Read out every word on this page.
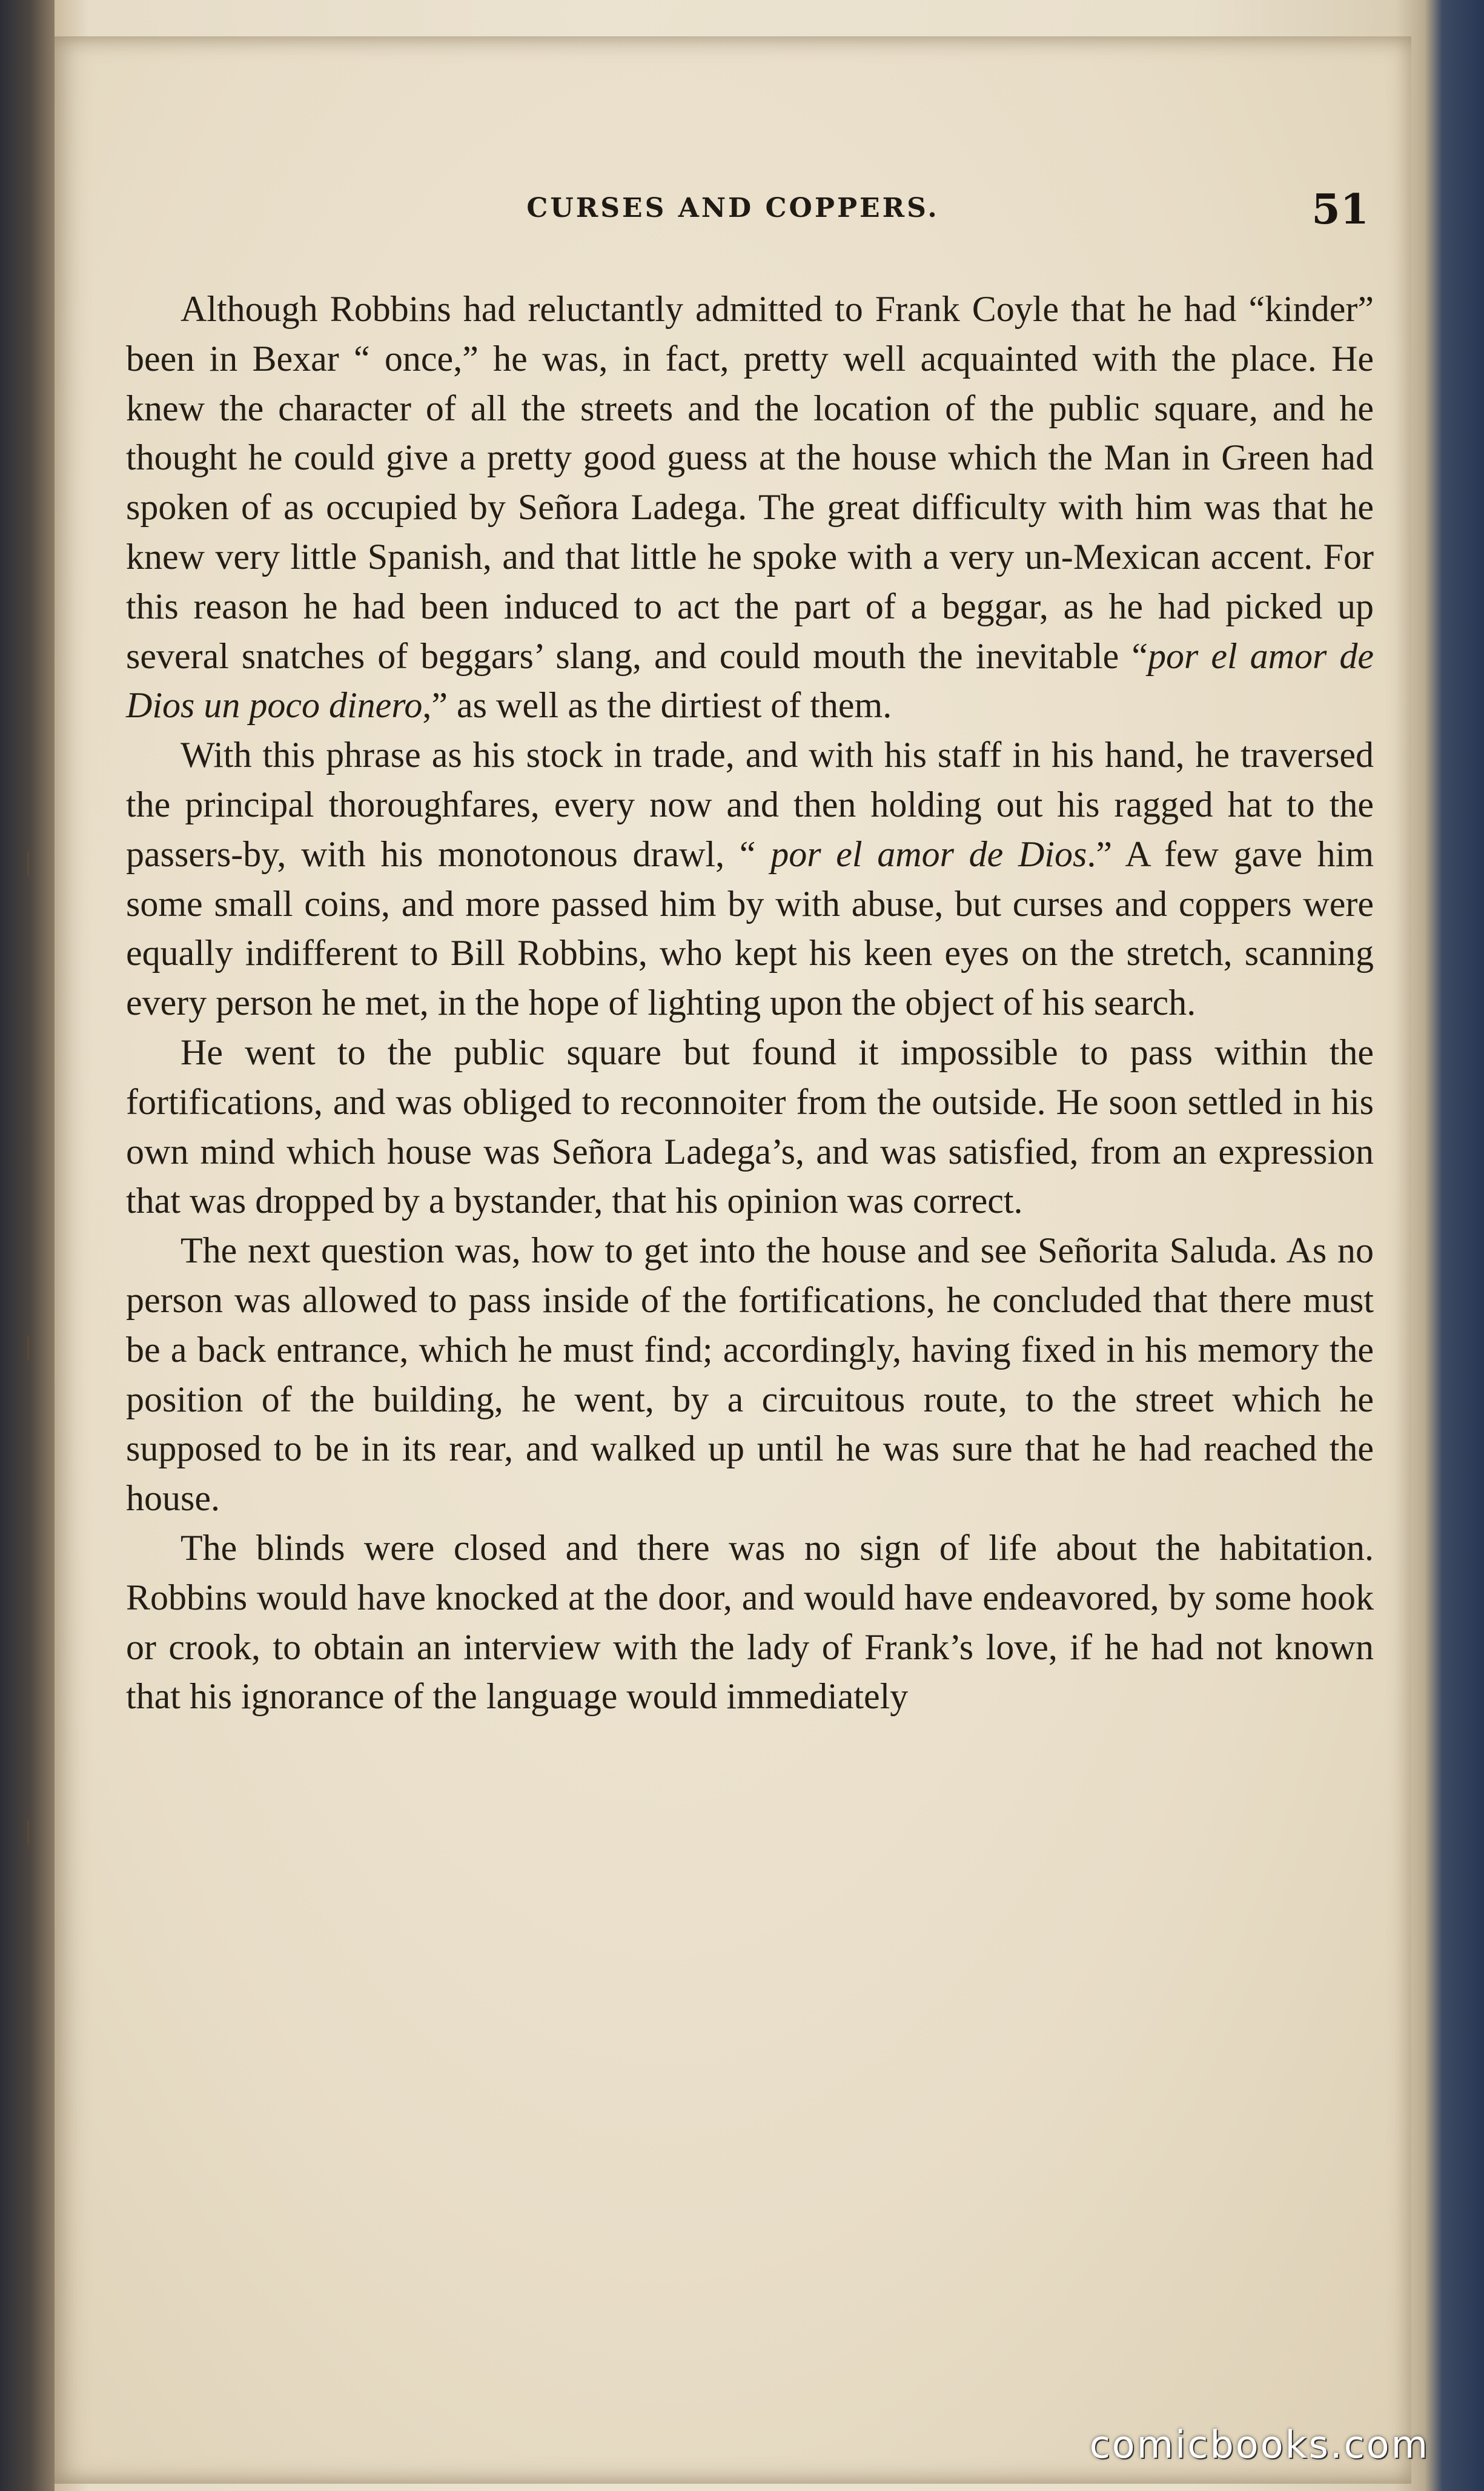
|
|
|
CURSES AND COPPERS.	51

Although Robbins had reluctantly admitted to Frank Coyle that he had “kinder” been in Bexar “ once,” he was, in fact, pretty well acquainted with the place. He knew the character of all the streets and the location of the public square, and he thought he could give a pretty good guess at the house which the Man in Green had spoken of as occupied by Señora Ladega. The great difficulty with him was that he knew very little Spanish, and that little he spoke with a very un-Mexican accent. For this reason he had been induced to act the part of a beggar, as he had picked up several snatches of beggars’ slang, and could mouth the inevitable “por el amor de Dios un poco dinero,” as well as the dirtiest of them.

With this phrase as his stock in trade, and with his staff in his hand, he traversed the principal thoroughfares, every now and then holding out his ragged hat to the passers-by, with his monotonous drawl, “ por el amor de Dios.” A few gave him some small coins, and more passed him by with abuse, but curses and coppers were equally indifferent to Bill Robbins, who kept his keen eyes on the stretch, scanning every person he met, in the hope of lighting upon the object of his search.

He went to the public square but found it impossible to pass within the fortifications, and was obliged to reconnoiter from the outside. He soon settled in his own mind which house was Señora Ladega’s, and was satisfied, from an expression that was dropped by a bystander, that his opinion was correct.

The next question was, how to get into the house and see Señorita Saluda. As no person was allowed to pass inside of the fortifications, he concluded that there must be a back entrance, which he must find; accordingly, having fixed in his memory the position of the building, he went, by a circuitous route, to the street which he supposed to be in its rear, and walked up until he was sure that he had reached the house.

The blinds were closed and there was no sign of life about the habitation. Robbins would have knocked at the door, and would have endeavored, by some hook or crook, to obtain an interview with the lady of Frank’s love, if he had not known that his ignorance of the language would immediately

comicbooks.com
